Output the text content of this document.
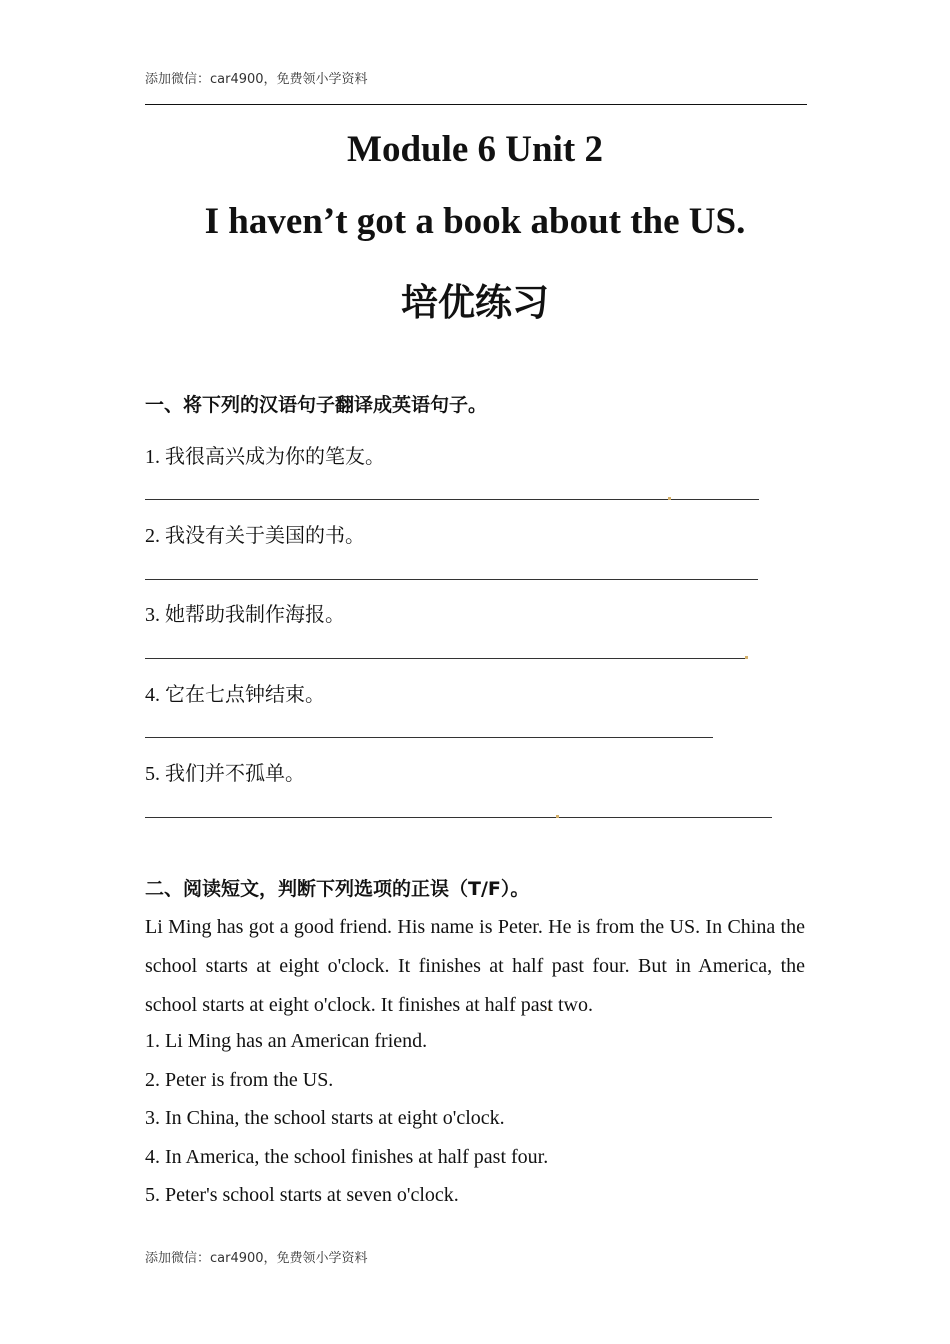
添加微信：car4900，免费领小学资料
Module 6 Unit 2
I haven’t got a book about the US.
培优练习
一、将下列的汉语句子翻译成英语句子。
1. 我很高兴成为你的笔友。
2. 我没有关于美国的书。
3. 她帮助我制作海报。
4. 它在七点钟结束。
5. 我们并不孤单。
二、阅读短文，判断下列选项的正误（T/F）。
Li Ming has got a good friend. His name is Peter. He is from the US. In China the school starts at eight o'clock. It finishes at half past four. But in America, the school starts at eight o'clock. It finishes at half past two.
1. Li Ming has an American friend.
2. Peter is from the US.
3. In China, the school starts at eight o'clock.
4. In America, the school finishes at half past four.
5. Peter's school starts at seven o'clock.
添加微信：car4900，免费领小学资料
